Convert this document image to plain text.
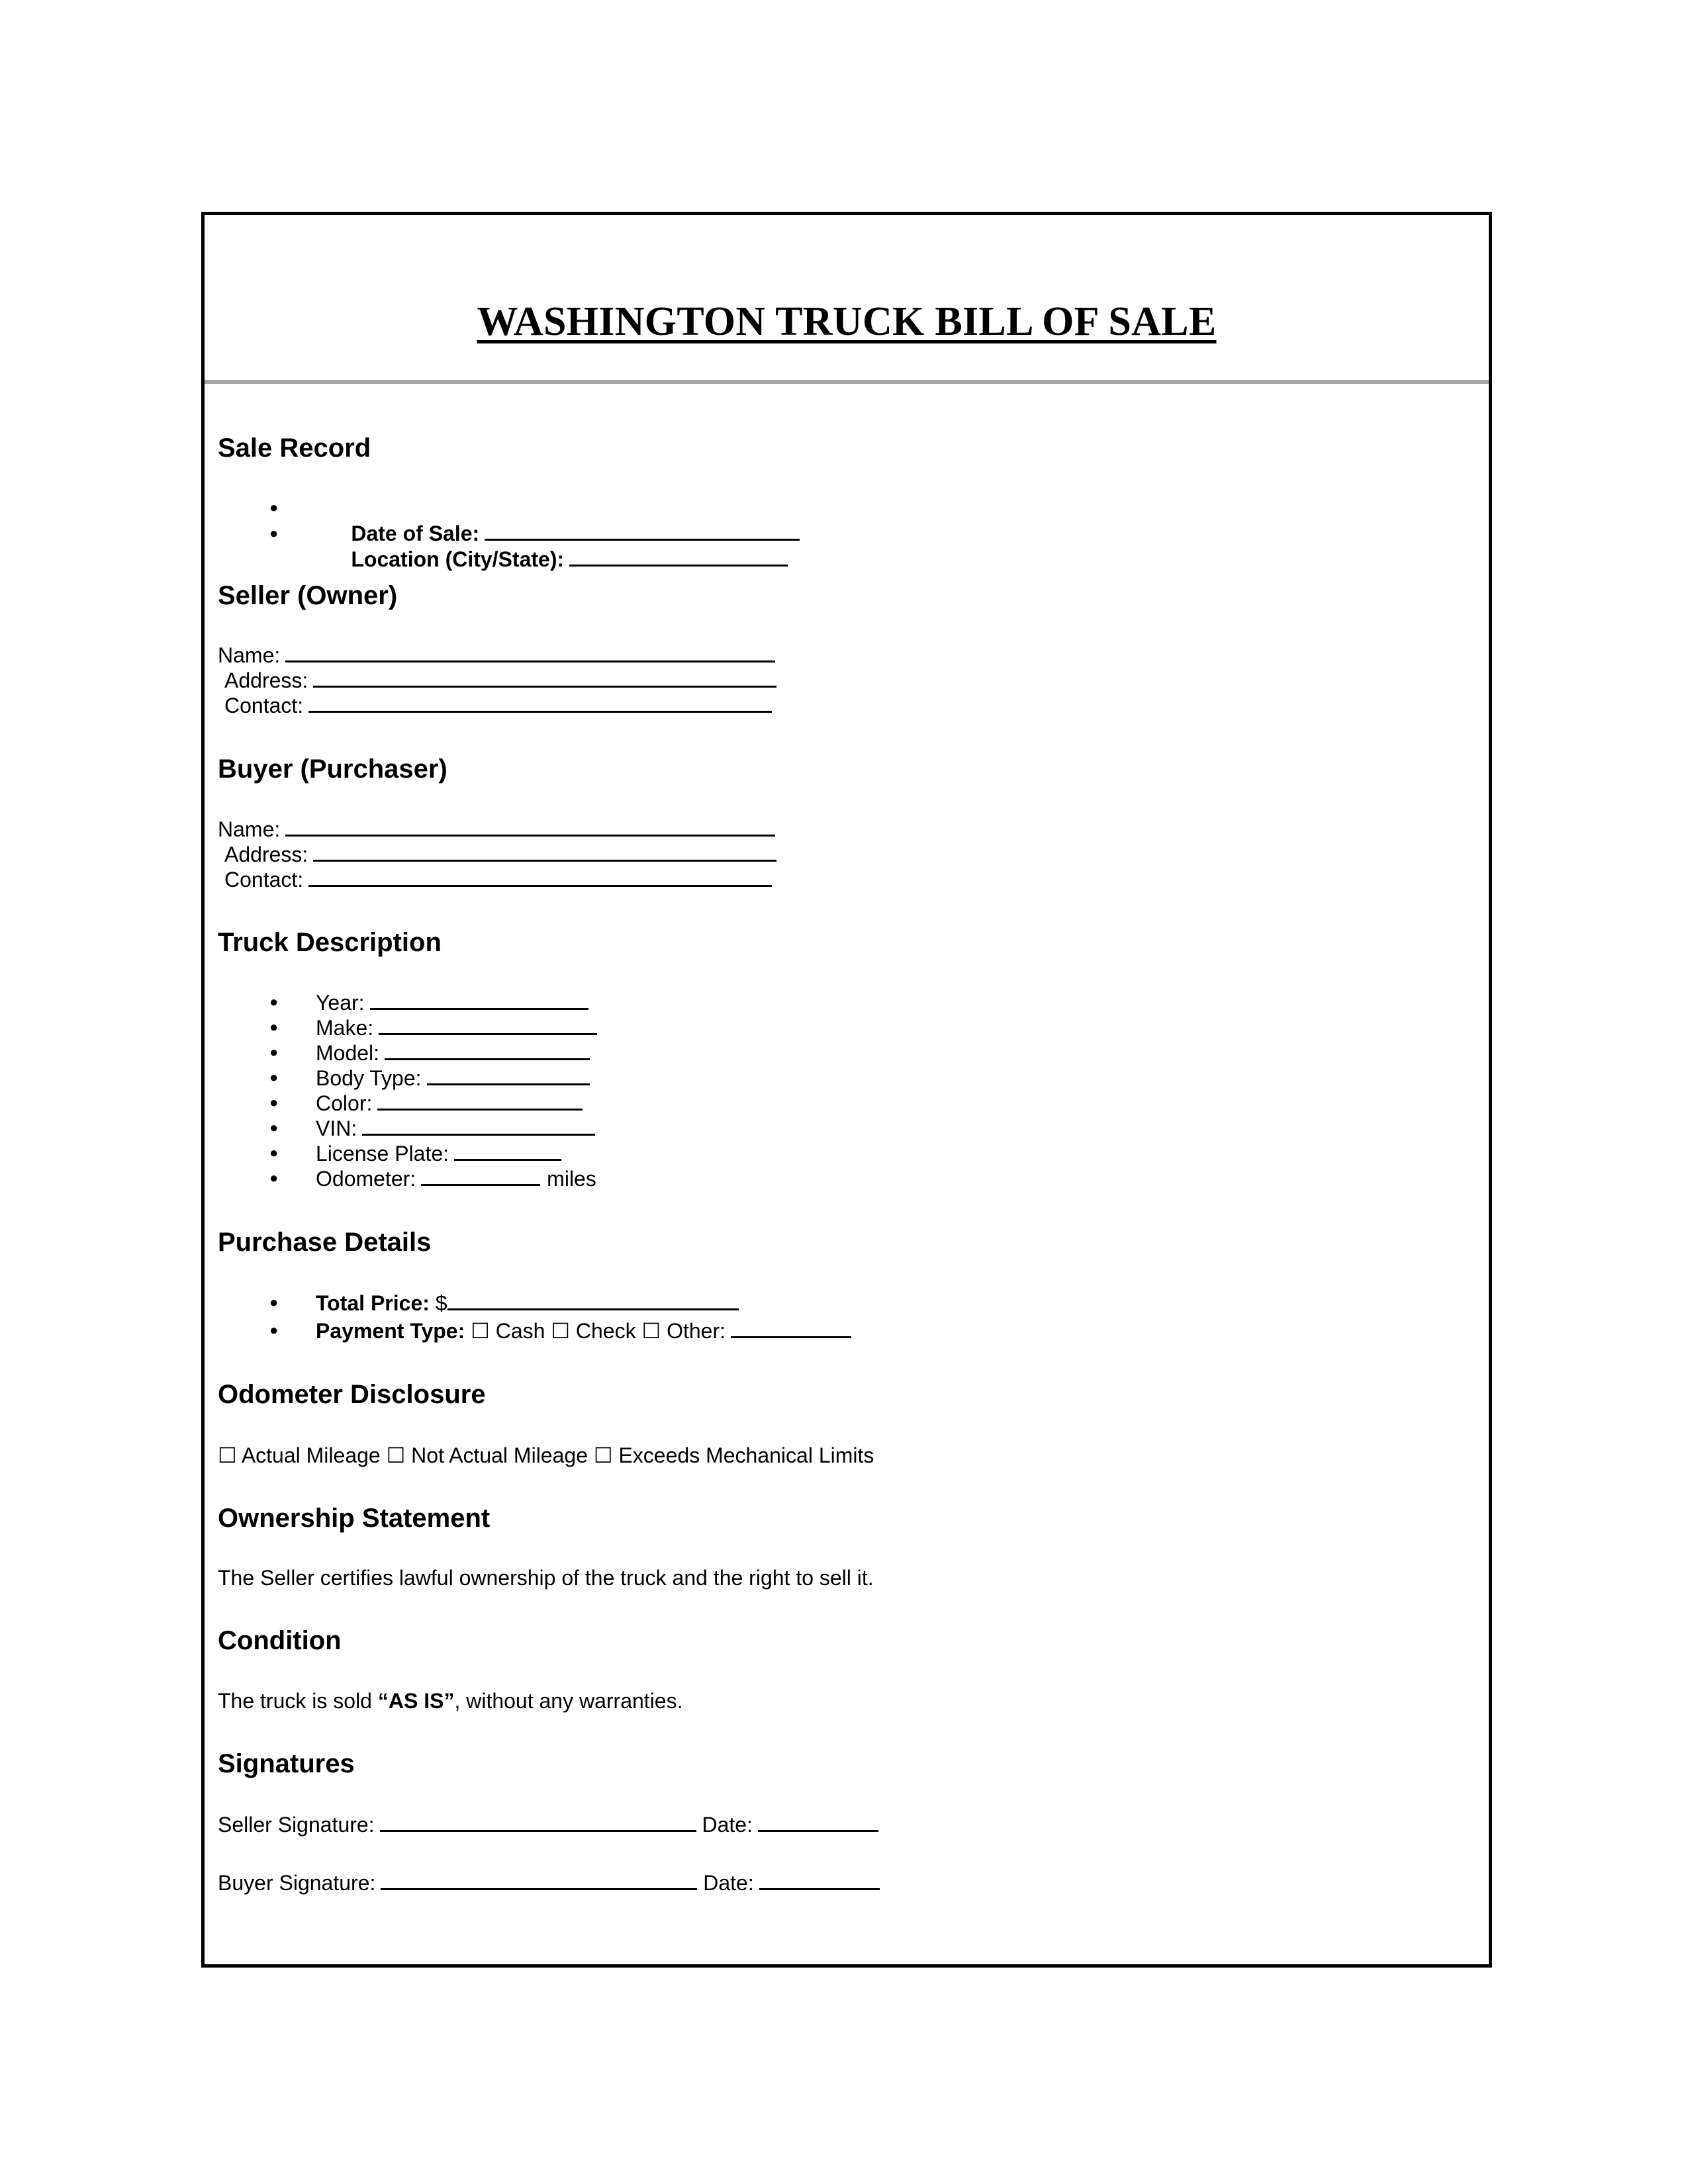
WASHINGTON TRUCK BILL OF SALE
Sale Record

●
Date of Sale:

●
Location (City/State):

Seller (Owner)
Name:
Address:
Contact:
Buyer (Purchaser)
Name:
Address:
Contact:
Truck Description
● Year:
● Make:
● Model:
● Body Type:
● Color:
● VIN:
● License Plate:
● Odometer:	miles
Purchase Details
● Total Price: $
● Payment Type: ☐ Cash ☐ Check ☐ Other:
Odometer Disclosure
☐ Actual Mileage ☐ Not Actual Mileage ☐ Exceeds Mechanical Limits
Ownership Statement
The Seller certifies lawful ownership of the truck and the right to sell it.
Condition
The truck is sold “AS IS”, without any warranties.
Signatures
Seller Signature:	Date:
Buyer Signature:	Date:
